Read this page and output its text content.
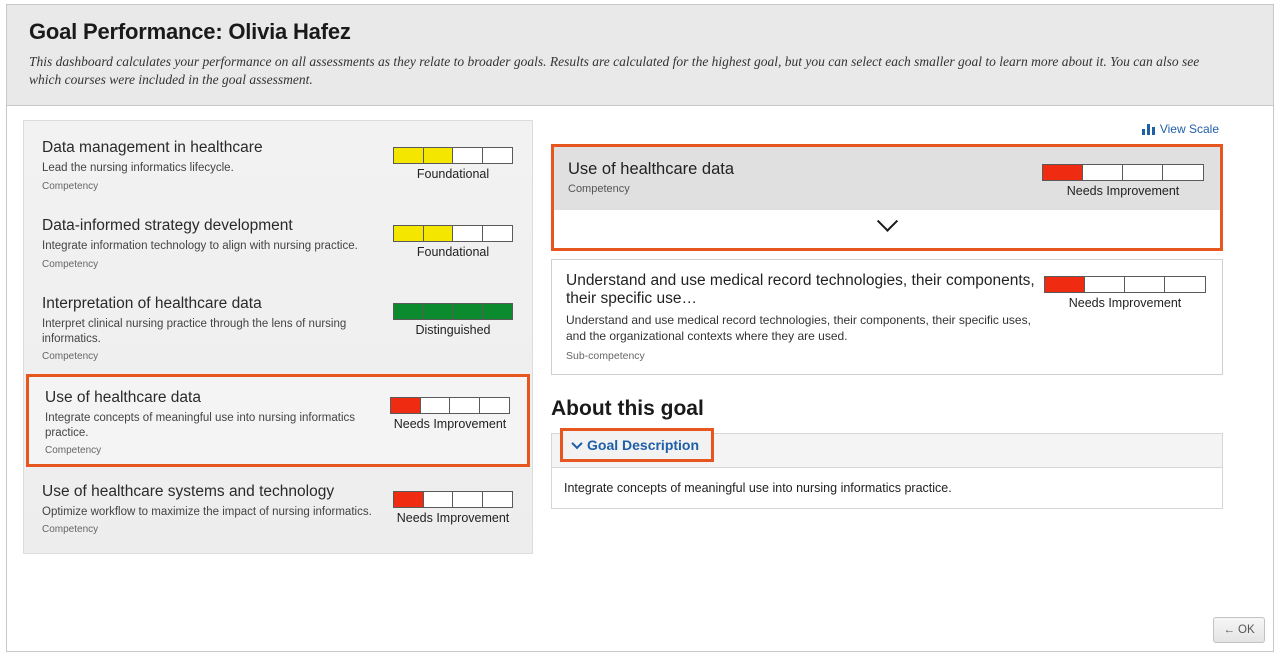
Goal Performance: Olivia Hafez

This dashboard calculates your performance on all assessments as they relate to broader goals. Results are calculated for the highest goal, but you can select each smaller goal to learn more about it. You can also see which courses were included in the goal assessment.

Data management in healthcare
Lead the nursing informatics lifecycle.
Competency
Foundational
Data-informed strategy development
Integrate information technology to align with nursing practice.
Competency
Foundational
Interpretation of healthcare data
Interpret clinical nursing practice through the lens of nursing informatics.
Competency
Distinguished
Use of healthcare data
Integrate concepts of meaningful use into nursing informatics practice.
Competency
Needs Improvement
Use of healthcare systems and technology
Optimize workflow to maximize the impact of nursing informatics.
Competency
Needs Improvement
View Scale
Use of healthcare data
Competency	Needs Improvement
Understand and use medical record technologies, their components, their specific use…
Understand and use medical record technologies, their components, their specific uses, and the organizational contexts where they are used.
Sub-competency
Needs Improvement
About this goal
Goal Description
Integrate concepts of meaningful use into nursing informatics practice.
← OK
